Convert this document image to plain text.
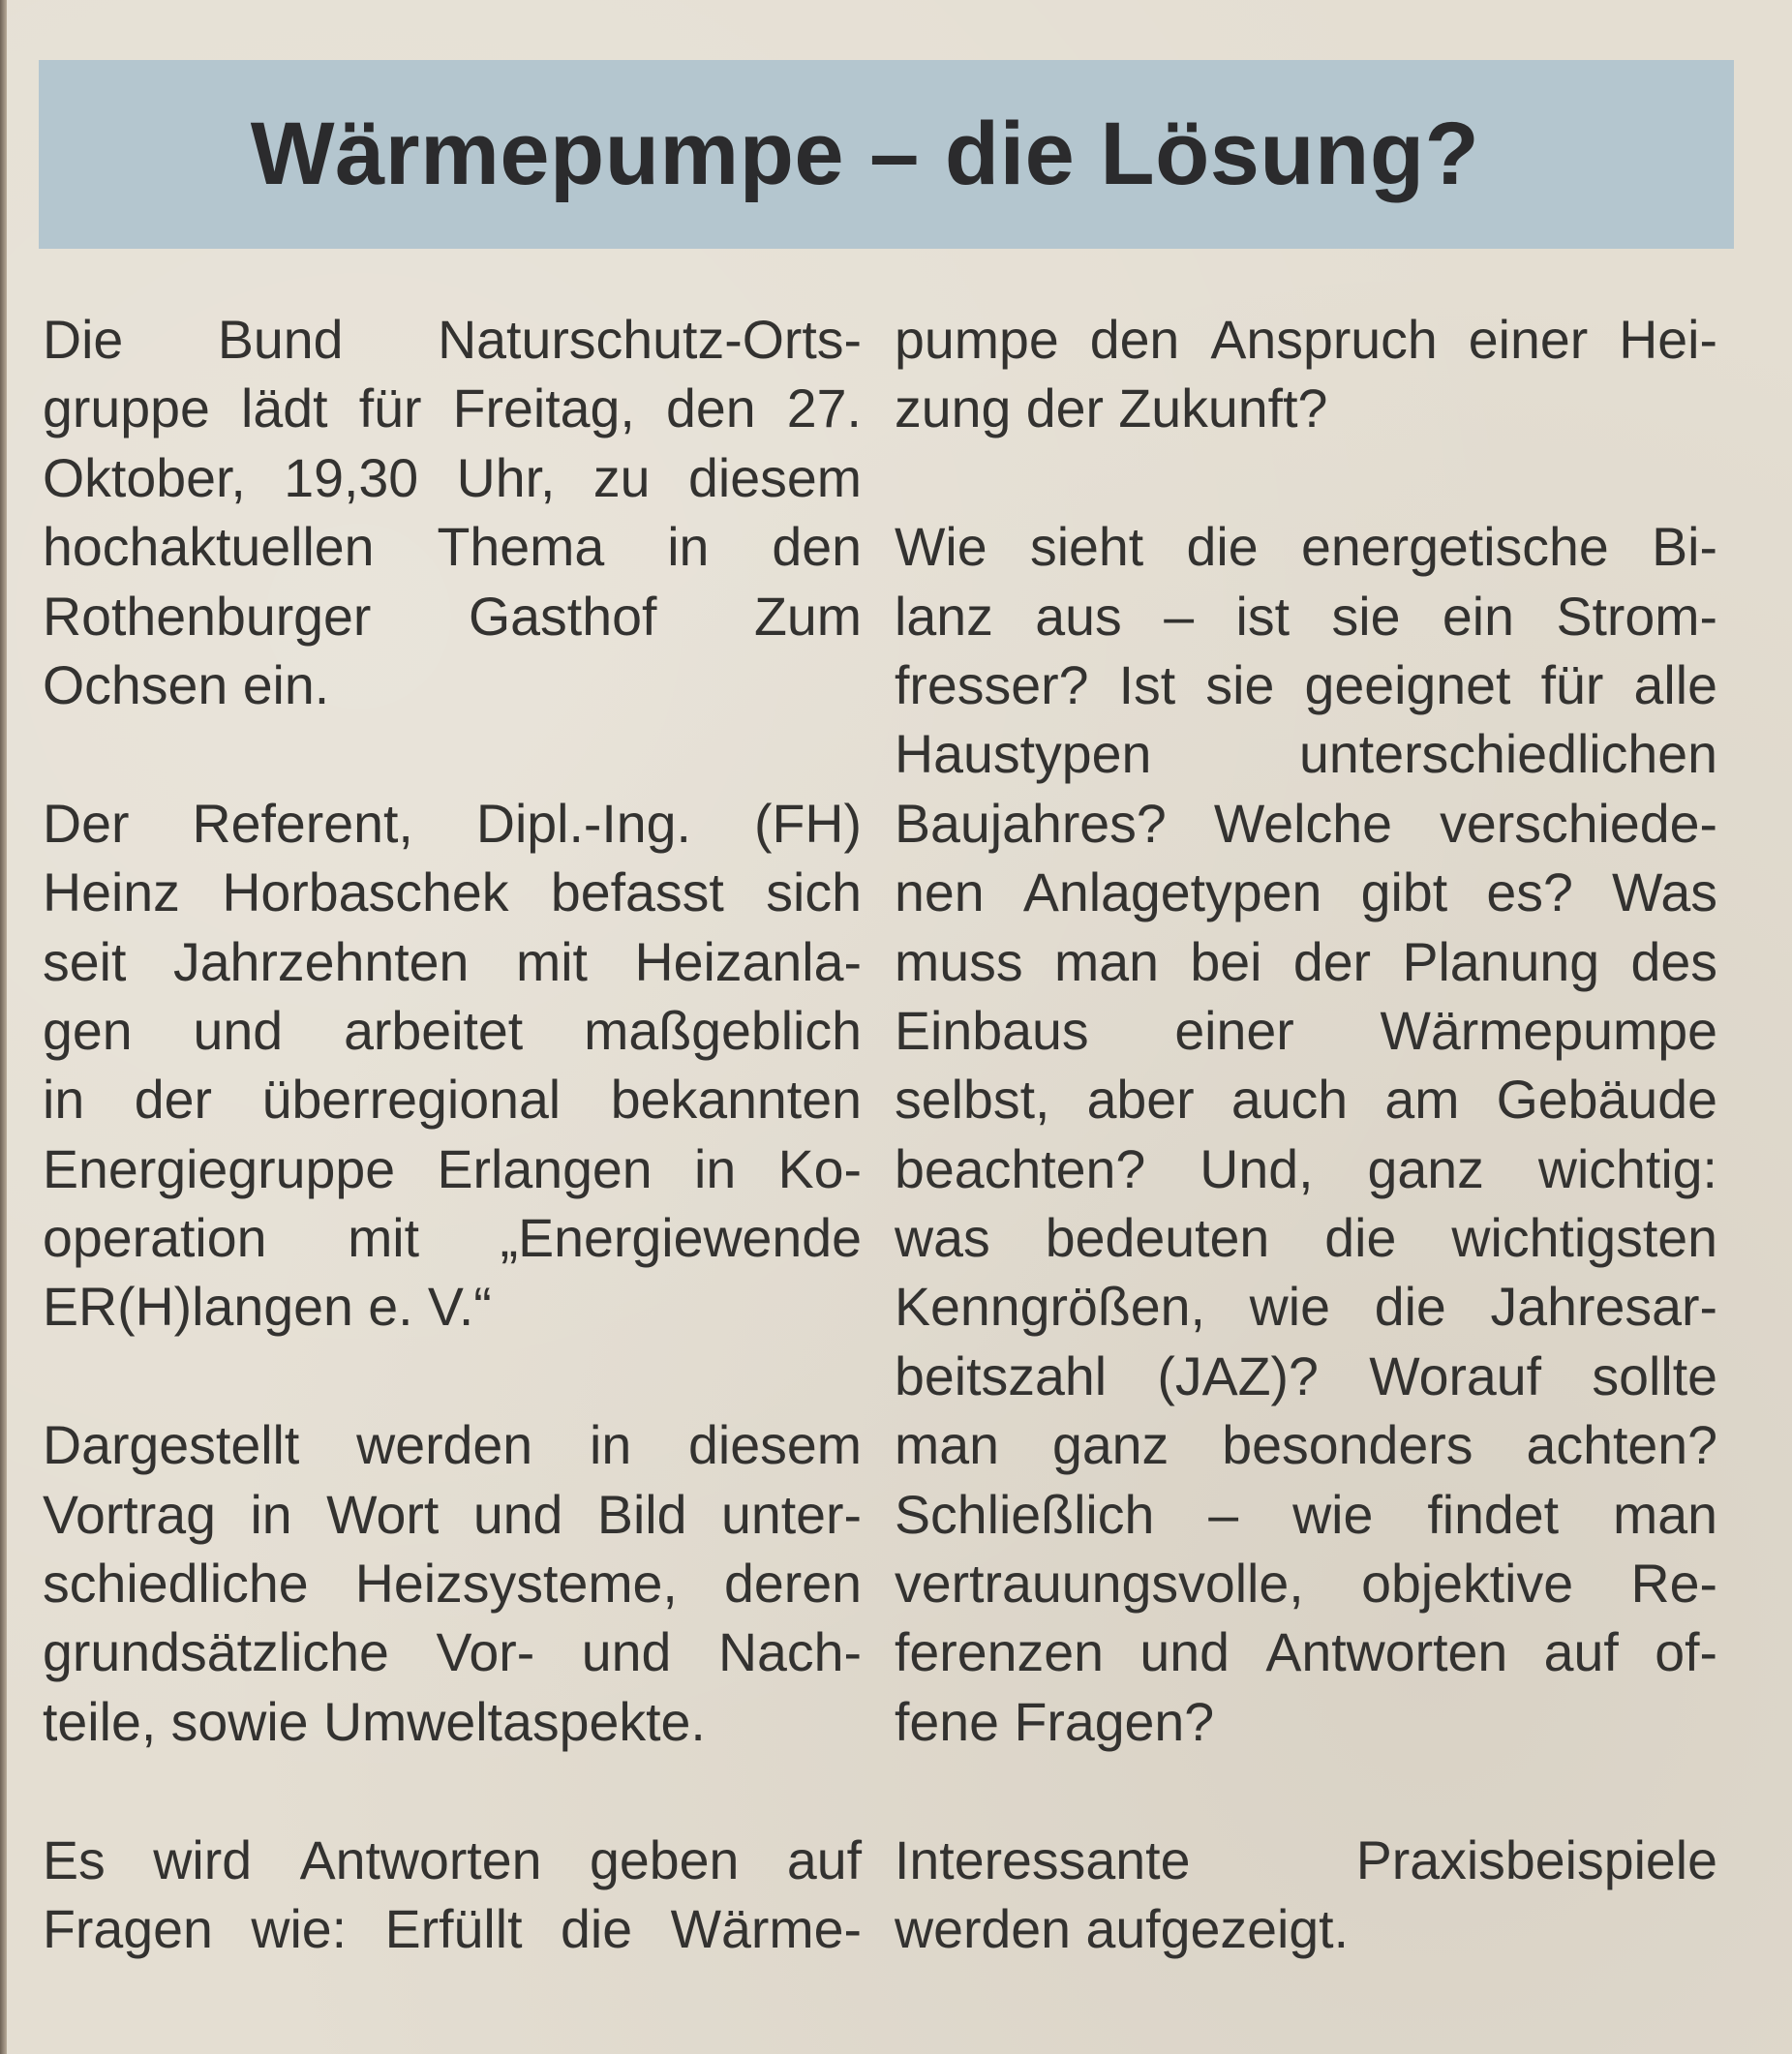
Wärmepumpe – die Lösung?
Die Bund Naturschutz-Orts-
gruppe lädt für Freitag, den 27.
Oktober, 19,30 Uhr, zu diesem
hochaktuellen Thema in den
Rothenburger Gasthof Zum
Ochsen ein.
Der Referent, Dipl.-Ing. (FH)
Heinz Horbaschek befasst sich
seit Jahrzehnten mit Heizanla-
gen und arbeitet maßgeblich
in der überregional bekannten
Energiegruppe Erlangen in Ko-
operation mit „Energiewende
ER(H)langen e. V.“
Dargestellt werden in diesem
Vortrag in Wort und Bild unter-
schiedliche Heizsysteme, deren
grundsätzliche Vor- und Nach-
teile, sowie Umweltaspekte.
Es wird Antworten geben auf
Fragen wie: Erfüllt die Wärme-
pumpe den Anspruch einer Hei-
zung der Zukunft?
Wie sieht die energetische Bi-
lanz aus – ist sie ein Strom-
fresser? Ist sie geeignet für alle
Haustypen	unterschiedlichen
Baujahres? Welche verschiede-
nen Anlagetypen gibt es? Was
muss man bei der Planung des
Einbaus einer Wärmepumpe
selbst, aber auch am Gebäude
beachten? Und, ganz wichtig:
was bedeuten die wichtigsten
Kenngrößen, wie die Jahresar-
beitszahl (JAZ)? Worauf sollte
man ganz besonders achten?
Schließlich – wie findet man
vertrauungsvolle, objektive Re-
ferenzen und Antworten auf of-
fene Fragen?
Interessante	Praxisbeispiele
werden aufgezeigt.
